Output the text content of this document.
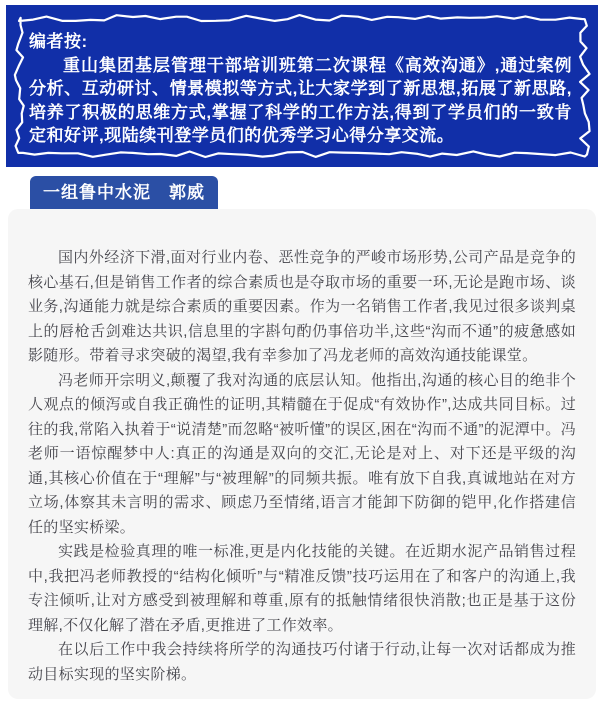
编者按:

重山集团基层管理干部培训班第二次课程《高效沟通》,通过案例分析、互动研讨、情景模拟等方式,让大家学到了新思想,拓展了新思路,培养了积极的思维方式,掌握了科学的工作方法,得到了学员们的一致肯定和好评,现陆续刊登学员们的优秀学习心得分享交流。

一组鲁中水泥　郭威

国内外经济下滑,面对行业内卷、恶性竞争的严峻市场形势,公司产品是竞争的核心基石,但是销售工作者的综合素质也是夺取市场的重要一环,无论是跑市场、谈业务,沟通能力就是综合素质的重要因素。作为一名销售工作者,我见过很多谈判桌上的唇枪舌剑难达共识,信息里的字斟句酌仍事倍功半,这些“沟而不通”的疲惫感如影随形。带着寻求突破的渴望,我有幸参加了冯龙老师的高效沟通技能课堂。

冯老师开宗明义,颠覆了我对沟通的底层认知。他指出,沟通的核心目的绝非个人观点的倾泻或自我正确性的证明,其精髓在于促成“有效协作”,达成共同目标。过往的我,常陷入执着于“说清楚”而忽略“被听懂”的误区,困在“沟而不通”的泥潭中。冯老师一语惊醒梦中人:真正的沟通是双向的交汇,无论是对上、对下还是平级的沟通,其核心价值在于“理解”与“被理解”的同频共振。唯有放下自我,真诚地站在对方立场,体察其未言明的需求、顾虑乃至情绪,语言才能卸下防御的铠甲,化作搭建信任的坚实桥梁。

实践是检验真理的唯一标准,更是内化技能的关键。在近期水泥产品销售过程中,我把冯老师教授的“结构化倾听”与“精准反馈”技巧运用在了和客户的沟通上,我专注倾听,让对方感受到被理解和尊重,原有的抵触情绪很快消散;也正是基于这份理解,不仅化解了潜在矛盾,更推进了工作效率。

在以后工作中我会持续将所学的沟通技巧付诸于行动,让每一次对话都成为推动目标实现的坚实阶梯。
